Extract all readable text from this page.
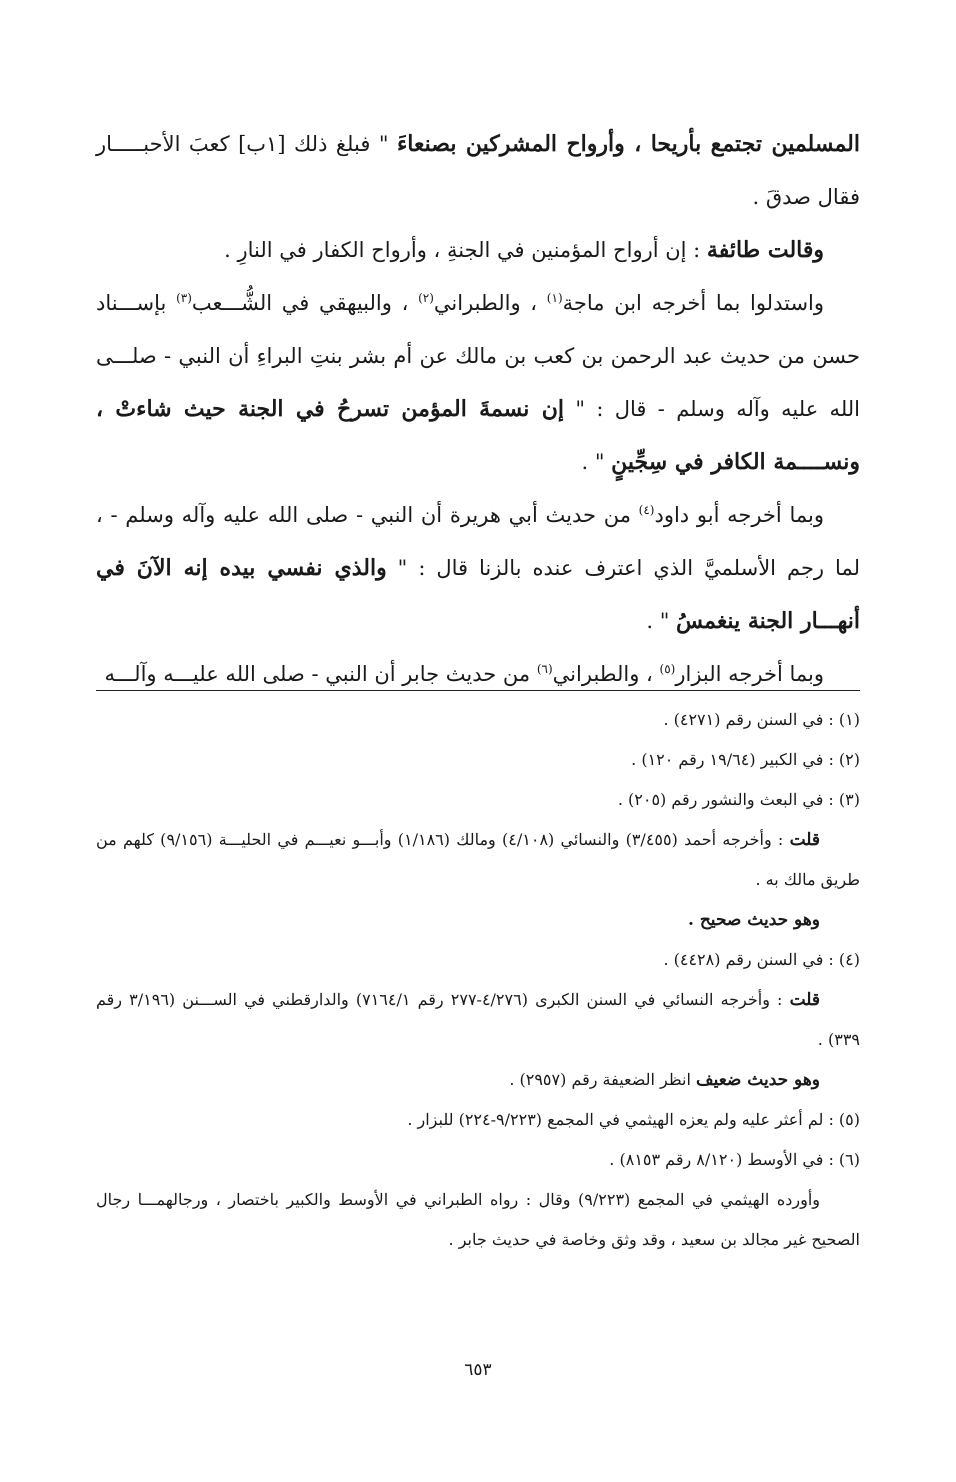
المسلمين تجتمع بأريحا ، وأرواح المشركين بصنعاءَ " فبلغ ذلك [١ب] كعبَ الأحبـــــار فقال صدقَ .

وقالت طائفة : إن أرواح المؤمنين في الجنةِ ، وأرواح الكفار في النارِ .

واستدلوا بما أخرجه ابن ماجة$^{(١)}$ ، والطبراني$^{(٢)}$ ، والبيهقي في الشُّـــعب$^{(٣)}$ بإســـناد حسن من حديث عبد الرحمن بن كعب بن مالك عن أم بشر بنتِ البراءِ أن النبي - صلـــى الله عليه وآله وسلم - قال : " إن نسمةَ المؤمن تسرحُ في الجنة حيث شاءتْ ، ونســــمة الكافر في سِجِّينٍ " .

وبما أخرجه أبو داود$^{(٤)}$ من حديث أبي هريرة أن النبي - صلى الله عليه وآله وسلم - ، لما رجم الأسلميَّ الذي اعترف عنده بالزنا قال : " والذي نفسي بيده إنه الآنَ في أنهـــار الجنة ينغمسُ " .

وبما أخرجه البزار$^{(٥)}$ ، والطبراني$^{(٦)}$ من حديث جابر أن النبي - صلى الله عليـــه وآلـــه

(١) : في السنن رقم (٤٢٧١) .

(٢) : في الكبير (١٩/٦٤ رقم ١٢٠) .

(٣) : في البعث والنشور رقم (٢٠٥) .

قلت : وأخرجه أحمد (٣/٤٥٥) والنسائي (٤/١٠٨) ومالك (١/١٨٦) وأبـــو نعيـــم في الحليـــة (٩/١٥٦) كلهم من طريق مالك به .

وهو حديث صحيح .

(٤) : في السنن رقم (٤٤٢٨) .

قلت : وأخرجه النسائي في السنن الكبرى (٤/٢٧٦-٢٧٧ رقم ٧١٦٤/١) والدارقطني في الســـنن (٣/١٩٦ رقم ٣٣٩) .

وهو حديث ضعيف انظر الضعيفة رقم (٢٩٥٧) .

(٥) : لم أعثر عليه ولم يعزه الهيثمي في المجمع (٩/٢٢٣-٢٢٤) للبزار .

(٦) : في الأوسط (٨/١٢٠ رقم ٨١٥٣) .

وأورده الهيثمي في المجمع (٩/٢٢٣) وقال : رواه الطبراني في الأوسط والكبير باختصار ، ورجالهمـــا رجال الصحيح غير مجالد بن سعيد ، وقد وثق وخاصة في حديث جابر .

٦٥٣
